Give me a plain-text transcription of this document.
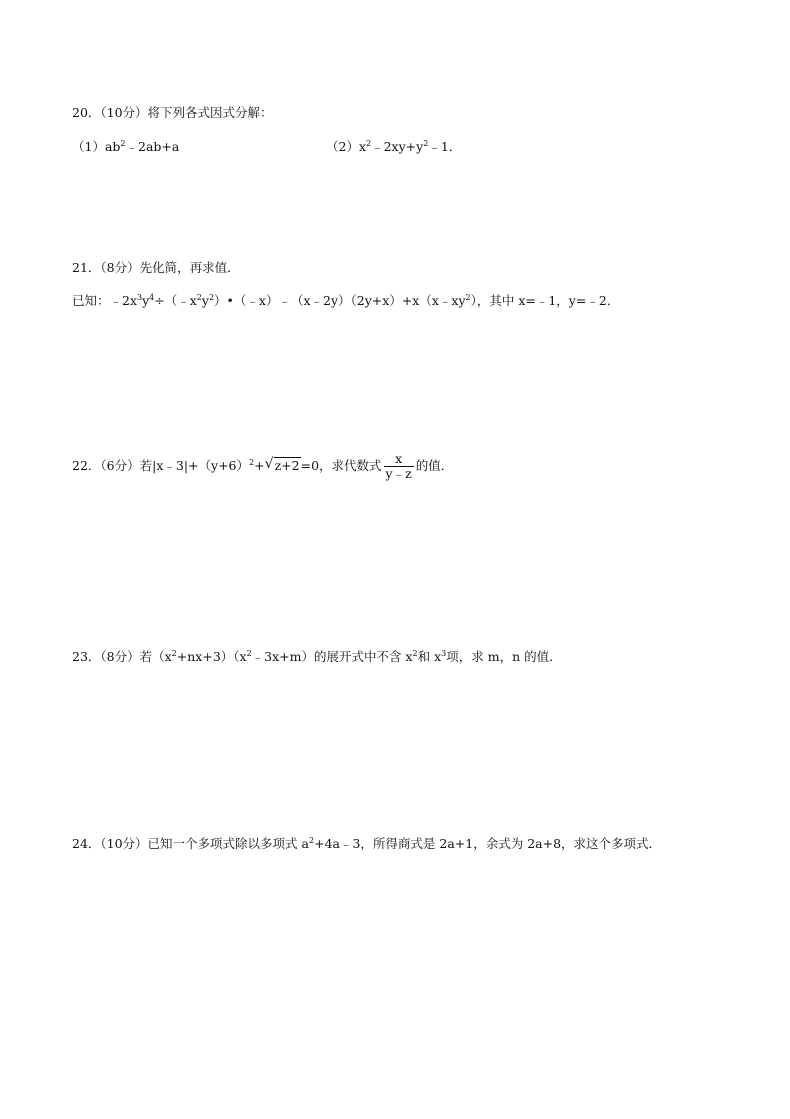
20．（10分）将下列各式因式分解：
$(1)ab^2﹣2ab+a$	$(2)x^2﹣2xy+y^2﹣1$．
21．（8分）先化简，再求值．
已知：$﹣2x^3y^4\div(﹣x^2y^2)•(﹣x)﹣(x﹣2y)(2y+x)+x(x﹣xy^2)$，其中 x=﹣1，y=﹣2．
22．（6分）若$|x﹣3|+(y+6)^2+$ √ z+2=0，求代数式 $\frac{x}{y﹣z}$ 的值．
23．（8分）若$(x^2+nx+3)(x^2﹣3x+m)$的展开式中不含 $x^2$和 $x^3$项，求 m，n 的值．
24．（10分）已知一个多项式除以多项式 $a^2+4a﹣3$，所得商式是 2a+1，余式为 2a+8，求这个多项式．
